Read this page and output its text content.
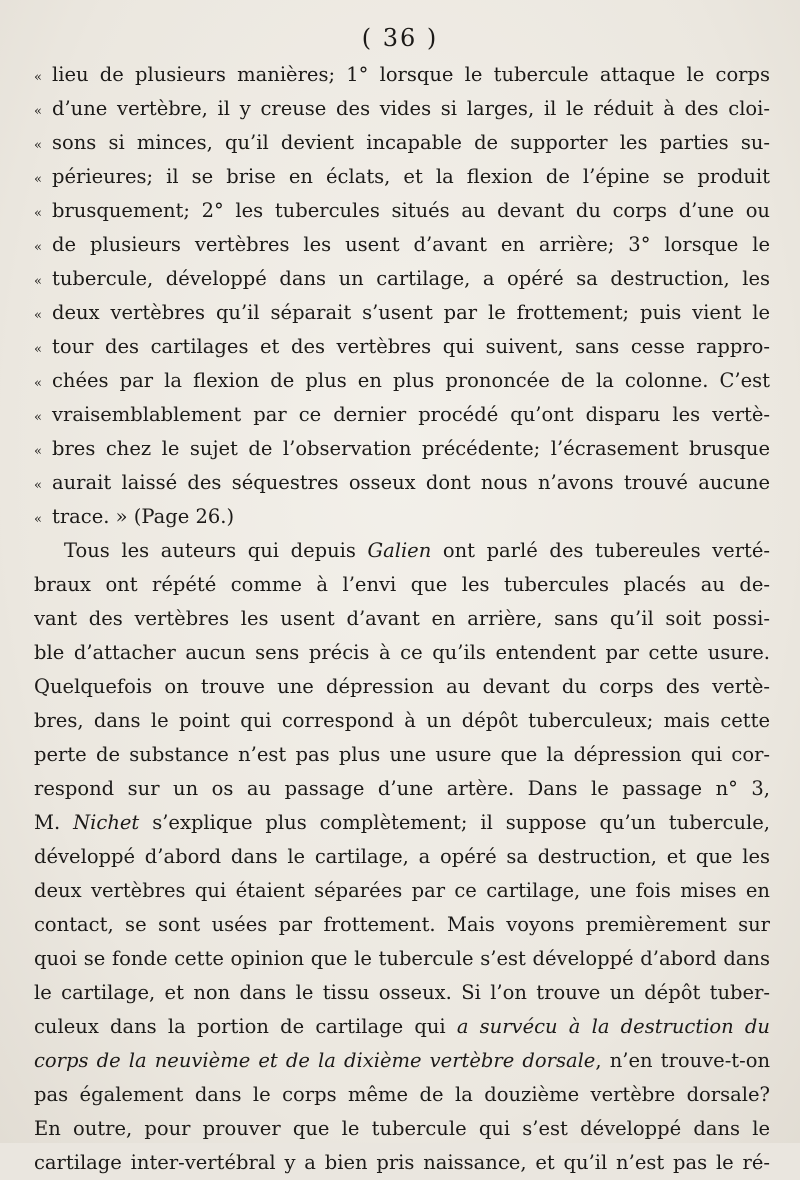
( 36 )
« lieu de plusieurs manières; 1° lorsque le tubercule attaque le corps
« d’une vertèbre, il y creuse des vides si larges, il le réduit à des cloi-
« sons si minces, qu’il devient incapable de supporter les parties su-
« périeures; il se brise en éclats, et la flexion de l’épine se produit
« brusquement; 2° les tubercules situés au devant du corps d’une ou
« de plusieurs vertèbres les usent d’avant en arrière; 3° lorsque le
« tubercule, développé dans un cartilage, a opéré sa destruction, les
« deux vertèbres qu’il séparait s’usent par le frottement; puis vient le
« tour des cartilages et des vertèbres qui suivent, sans cesse rappro-
« chées par la flexion de plus en plus prononcée de la colonne. C’est
« vraisemblablement par ce dernier procédé qu’ont disparu les vertè-
« bres chez le sujet de l’observation précédente; l’écrasement brusque
« aurait laissé des séquestres osseux dont nous n’avons trouvé aucune
« trace. » (Page 26.)
Tous les auteurs qui depuis Galien ont parlé des tubereules verté-
braux ont répété comme à l’envi que les tubercules placés au de-
vant des vertèbres les usent d’avant en arrière, sans qu’il soit possi-
ble d’attacher aucun sens précis à ce qu’ils entendent par cette usure.
Quelquefois on trouve une dépression au devant du corps des vertè-
bres, dans le point qui correspond à un dépôt tuberculeux; mais cette
perte de substance n’est pas plus une usure que la dépression qui cor-
respond sur un os au passage d’une artère. Dans le passage n° 3,
M. Nichet s’explique plus complètement; il suppose qu’un tubercule,
développé d’abord dans le cartilage, a opéré sa destruction, et que les
deux vertèbres qui étaient séparées par ce cartilage, une fois mises en
contact, se sont usées par frottement. Mais voyons premièrement sur
quoi se fonde cette opinion que le tubercule s’est développé d’abord dans
le cartilage, et non dans le tissu osseux. Si l’on trouve un dépôt tuber-
culeux dans la portion de cartilage qui a survécu à la destruction du
corps de la neuvième et de la dixième vertèbre dorsale, n’en trouve-t-on
pas également dans le corps même de la douzième vertèbre dorsale?
En outre, pour prouver que le tubercule qui s’est développé dans le
cartilage inter-vertébral y a bien pris naissance, et qu’il n’est pas le ré-
